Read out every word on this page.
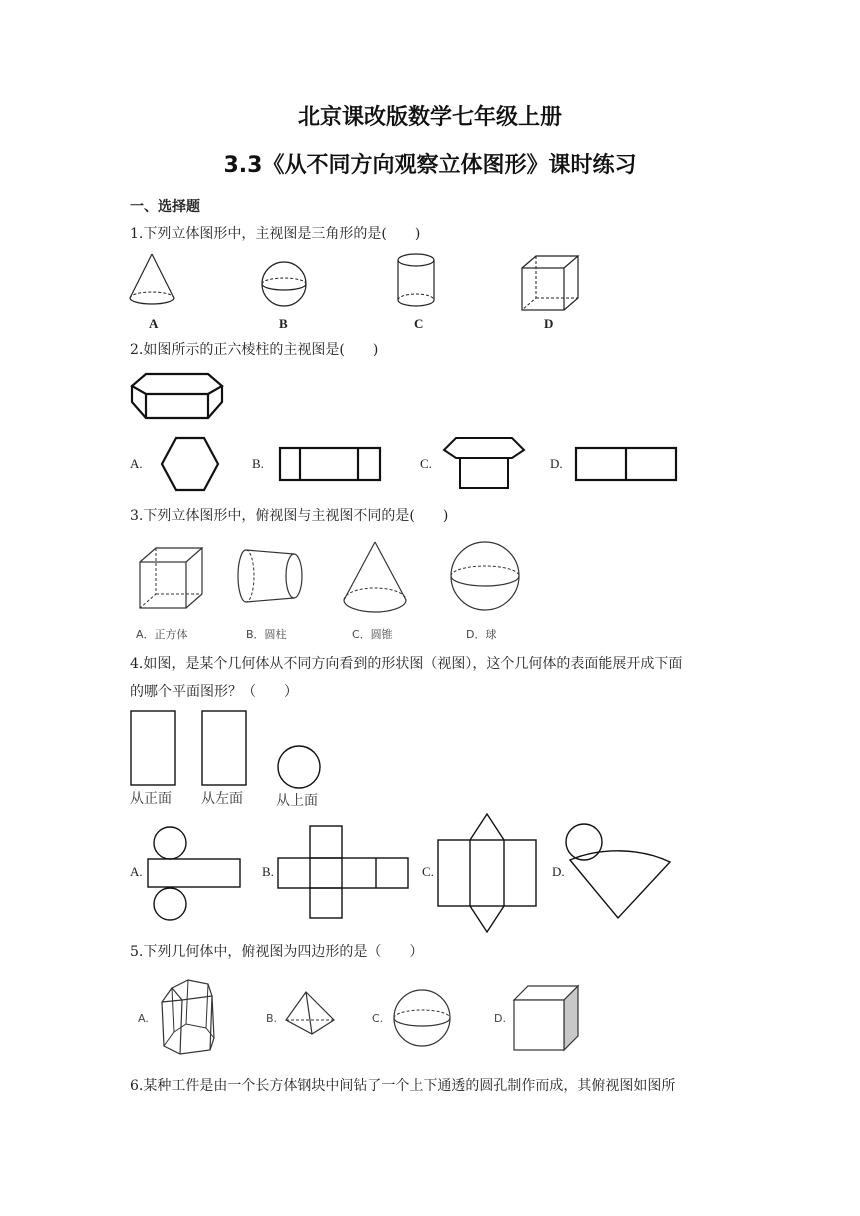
北京课改版数学七年级上册
3.3《从不同方向观察立体图形》课时练习
一、选择题
1.下列立体图形中，主视图是三角形的是(　　)
A	B	C	D
2.如图所示的正六棱柱的主视图是(　　)
A.	B.	C.	D.
3.下列立体图形中，俯视图与主视图不同的是(　　)
A．正方体	B．圆柱	C．圆锥	D．球
4.如图，是某个几何体从不同方向看到的形状图（视图），这个几何体的表面能展开成下面
的哪个平面图形？（　　）
从正面 从左面 从上面
A.	B.	C.	D.
5.下列几何体中，俯视图为四边形的是（　　）
A.	B.	C.	D.
6.某种工件是由一个长方体钢块中间钻了一个上下通透的圆孔制作而成，其俯视图如图所
